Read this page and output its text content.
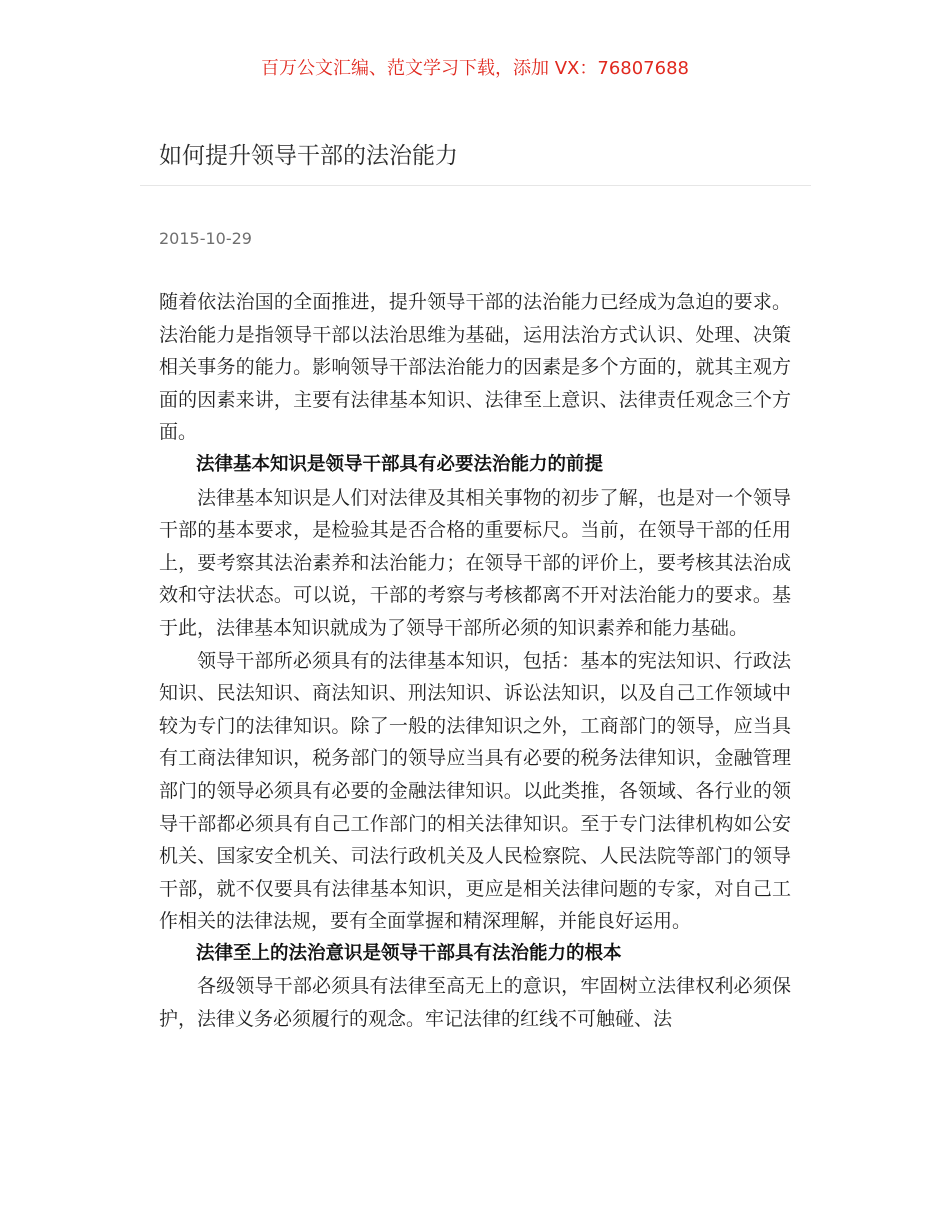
百万公文汇编、范文学习下载，添加 VX：76807688
如何提升领导干部的法治能力
2015-10-29

随着依法治国的全面推进，提升领导干部的法治能力已经成为急迫的要求。法治能力是指领导干部以法治思维为基础，运用法治方式认识、处理、决策相关事务的能力。影响领导干部法治能力的因素是多个方面的，就其主观方面的因素来讲，主要有法律基本知识、法律至上意识、法律责任观念三个方面。

法律基本知识是领导干部具有必要法治能力的前提

法律基本知识是人们对法律及其相关事物的初步了解，也是对一个领导干部的基本要求，是检验其是否合格的重要标尺。当前，在领导干部的任用上，要考察其法治素养和法治能力；在领导干部的评价上，要考核其法治成效和守法状态。可以说，干部的考察与考核都离不开对法治能力的要求。基于此，法律基本知识就成为了领导干部所必须的知识素养和能力基础。

领导干部所必须具有的法律基本知识，包括：基本的宪法知识、行政法知识、民法知识、商法知识、刑法知识、诉讼法知识，以及自己工作领域中较为专门的法律知识。除了一般的法律知识之外，工商部门的领导，应当具有工商法律知识，税务部门的领导应当具有必要的税务法律知识，金融管理部门的领导必须具有必要的金融法律知识。以此类推，各领域、各行业的领导干部都必须具有自己工作部门的相关法律知识。至于专门法律机构如公安机关、国家安全机关、司法行政机关及人民检察院、人民法院等部门的领导干部，就不仅要具有法律基本知识，更应是相关法律问题的专家，对自己工作相关的法律法规，要有全面掌握和精深理解，并能良好运用。

法律至上的法治意识是领导干部具有法治能力的根本

各级领导干部必须具有法律至高无上的意识，牢固树立法律权利必须保护，法律义务必须履行的观念。牢记法律的红线不可触碰、法
